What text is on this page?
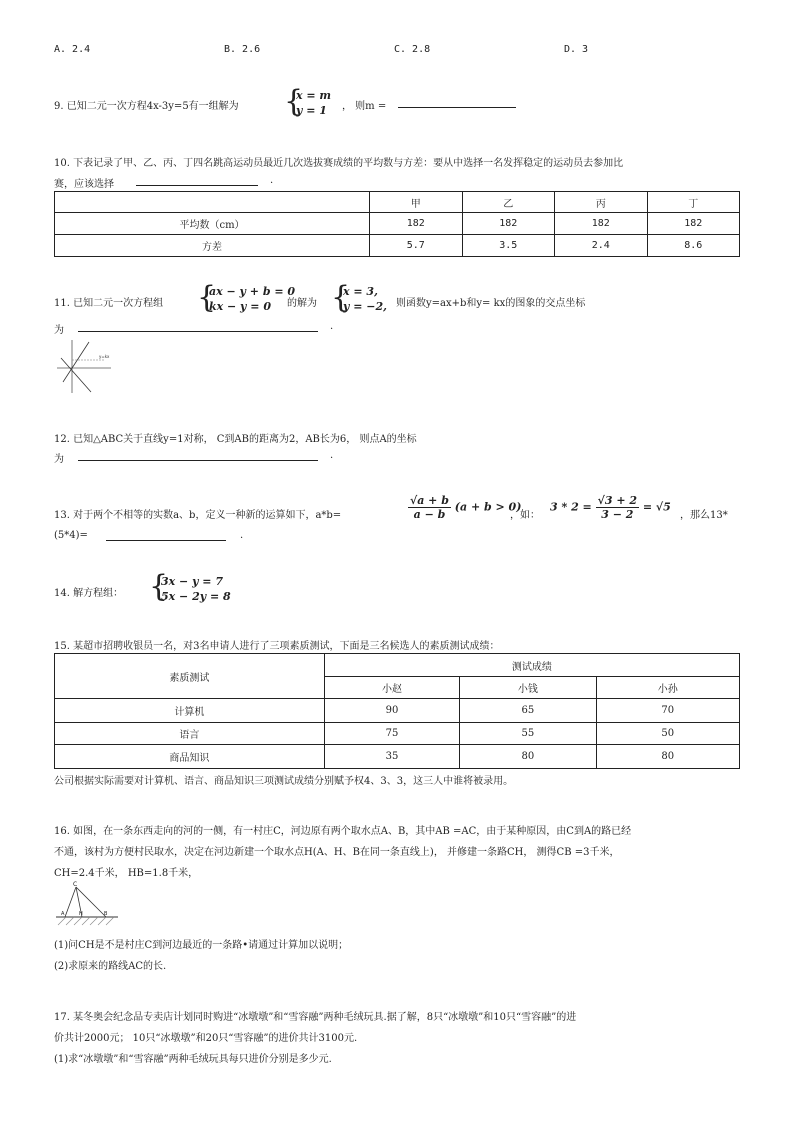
A. 2.4	B. 2.6	C. 2.8	D. 3
9. 已知二元一次方程4x-3y=5有一组解为 {
x = m
y = 1 ， 则m =
10. 下表记录了甲、乙、丙、丁四名跳高运动员最近几次选拔赛成绩的平均数与方差：要从中选择一名发挥稳定的运动员去参加比
赛，应该选择	.
	甲	乙	丙	丁
平均数（cm）	182	182	182	182
方差	5.7	3.5	2.4	8.6
11. 已知二元一次方程组 {
ax − y + b = 0
kx − y = 0 的解为 {
x = 3,
y = −2, 则函数y=ax+b和y= kx的图象的交点坐标
为	.
y=kx
12. 已知△ABC关于直线y=1对称， C到AB的距离为2，AB长为6， 则点A的坐标
为	.
13. 对于两个不相等的实数a、b，定义一种新的运算如下，a*b=	$\frac{√a + b}{a - b} (a + b > 0)$
，如：
$3 * 2 = \frac{√3 + 2}{3 - 2} = √5$
，那么13*
(5*4)=	.
14. 解方程组： {
3x − y = 7
5x − 2y = 8
15. 某超市招聘收银员一名，对3名申请人进行了三项素质测试，下面是三名候选人的素质测试成绩：
素质测试	测试成绩		
	小赵	小钱	小孙
计算机	90	65	70
语言	75	55	50
商品知识	35	80	80
公司根据实际需要对计算机、语言、商品知识三项测试成绩分别赋予权4、3、3，这三人中谁将被录用。
16. 如图，在一条东西走向的河的一侧，有一村庄C，河边原有两个取水点A、B，其中AB =AC，由于某种原因，由C到A的路已经
不通，该村为方便村民取水，决定在河边新建一个取水点H(A、H、B在同一条直线上)， 并修建一条路CH， 测得CB =3千米，
CH=2.4千米， HB=1.8千米，
C
A	H	B
(1)问CH是不是村庄C到河边最近的一条路•请通过计算加以说明；
(2)求原来的路线AC的长.
17. 某冬奥会纪念品专卖店计划同时购进“冰墩墩”和“雪容融”两种毛绒玩具.据了解，8只“冰墩墩”和10只“雪容融”的进
价共计2000元； 10只“冰墩墩”和20只“雪容融”的进价共计3100元.
(1)求“冰墩墩”和“雪容融”两种毛绒玩具每只进价分别是多少元.
